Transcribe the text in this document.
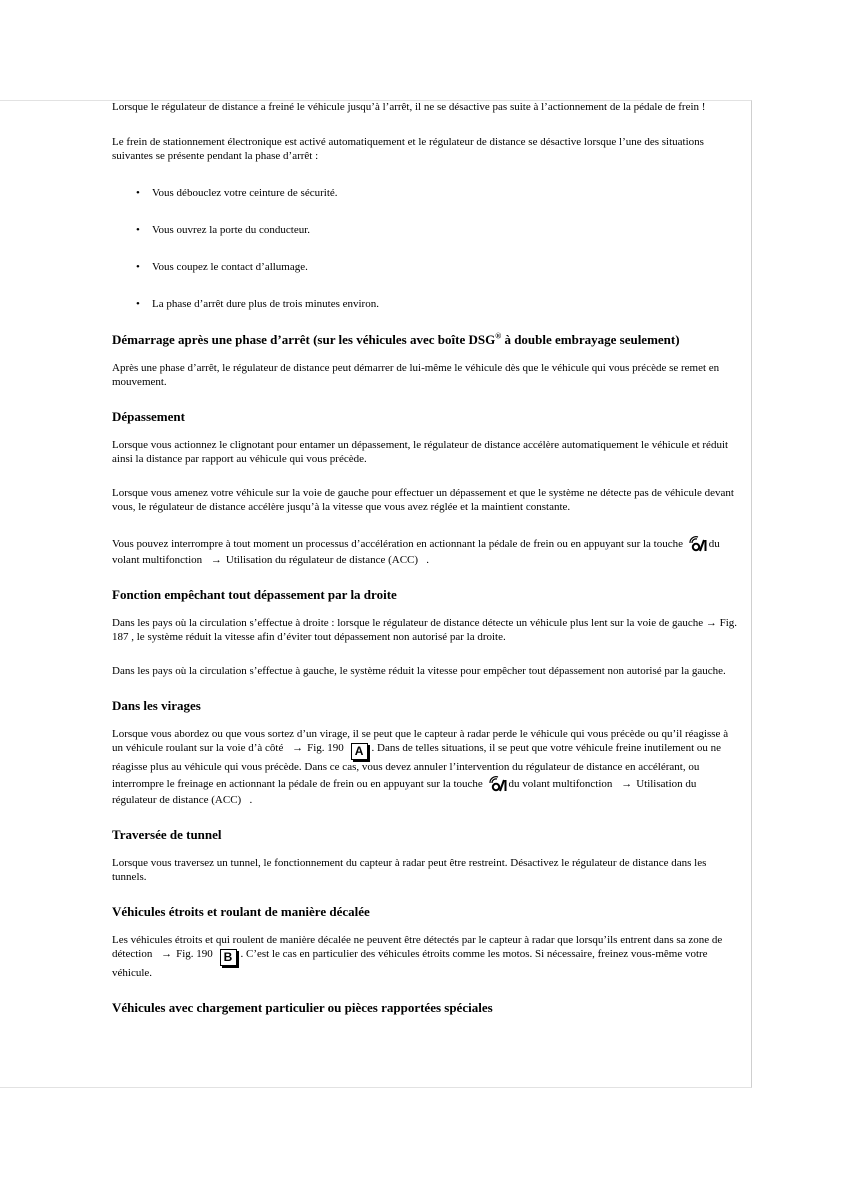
Lorsque le régulateur de distance a freiné le véhicule jusqu’à l’arrêt, il ne se désactive pas suite à l’actionnement de la pédale de frein !

Le frein de stationnement électronique est activé automatiquement et le régulateur de distance se désactive lorsque l’une des situations suivantes se présente pendant la phase d’arrêt :

• Vous débouclez votre ceinture de sécurité.
• Vous ouvrez la porte du conducteur.
• Vous coupez le contact d’allumage.
• La phase d’arrêt dure plus de trois minutes environ.
Démarrage après une phase d’arrêt (sur les véhicules avec boîte DSG® à double embrayage seulement)

Après une phase d’arrêt, le régulateur de distance peut démarrer de lui-même le véhicule dès que le véhicule qui vous précède se remet en mouvement.

Dépassement

Lorsque vous actionnez le clignotant pour entamer un dépassement, le régulateur de distance accélère automatiquement le véhicule et réduit ainsi la distance par rapport au véhicule qui vous précède.

Lorsque vous amenez votre véhicule sur la voie de gauche pour effectuer un dépassement et que le système ne détecte pas de véhicule devant vous, le régulateur de distance accélère jusqu’à la vitesse que vous avez réglée et la maintient constante.

Vous pouvez interrompre à tout moment un processus d’accélération en actionnant la pédale de frein ou en appuyant sur la touche du volant multifonction → Utilisation du régulateur de distance (ACC) .

Fonction empêchant tout dépassement par la droite

Dans les pays où la circulation s’effectue à droite : lorsque le régulateur de distance détecte un véhicule plus lent sur la voie de gauche → Fig. 187 , le système réduit la vitesse afin d’éviter tout dépassement non autorisé par la droite.

Dans les pays où la circulation s’effectue à gauche, le système réduit la vitesse pour empêcher tout dépassement non autorisé par la gauche.

Dans les virages

Lorsque vous abordez ou que vous sortez d’un virage, il se peut que le capteur à radar perde le véhicule qui vous précède ou qu’il réagisse à un véhicule roulant sur la voie d’à côté → Fig. 190 A . Dans de telles situations, il se peut que votre véhicule freine inutilement ou ne réagisse plus au véhicule qui vous précède. Dans ce cas, vous devez annuler l’intervention du régulateur de distance en accélérant, ou interrompre le freinage en actionnant la pédale de frein ou en appuyant sur la touche du volant multifonction → Utilisation du régulateur de distance (ACC) .

Traversée de tunnel

Lorsque vous traversez un tunnel, le fonctionnement du capteur à radar peut être restreint. Désactivez le régulateur de distance dans les tunnels.

Véhicules étroits et roulant de manière décalée

Les véhicules étroits et qui roulent de manière décalée ne peuvent être détectés par le capteur à radar que lorsqu’ils entrent dans sa zone de détection → Fig. 190 B . C’est le cas en particulier des véhicules étroits comme les motos. Si nécessaire, freinez vous-même votre véhicule.

Véhicules avec chargement particulier ou pièces rapportées spéciales
